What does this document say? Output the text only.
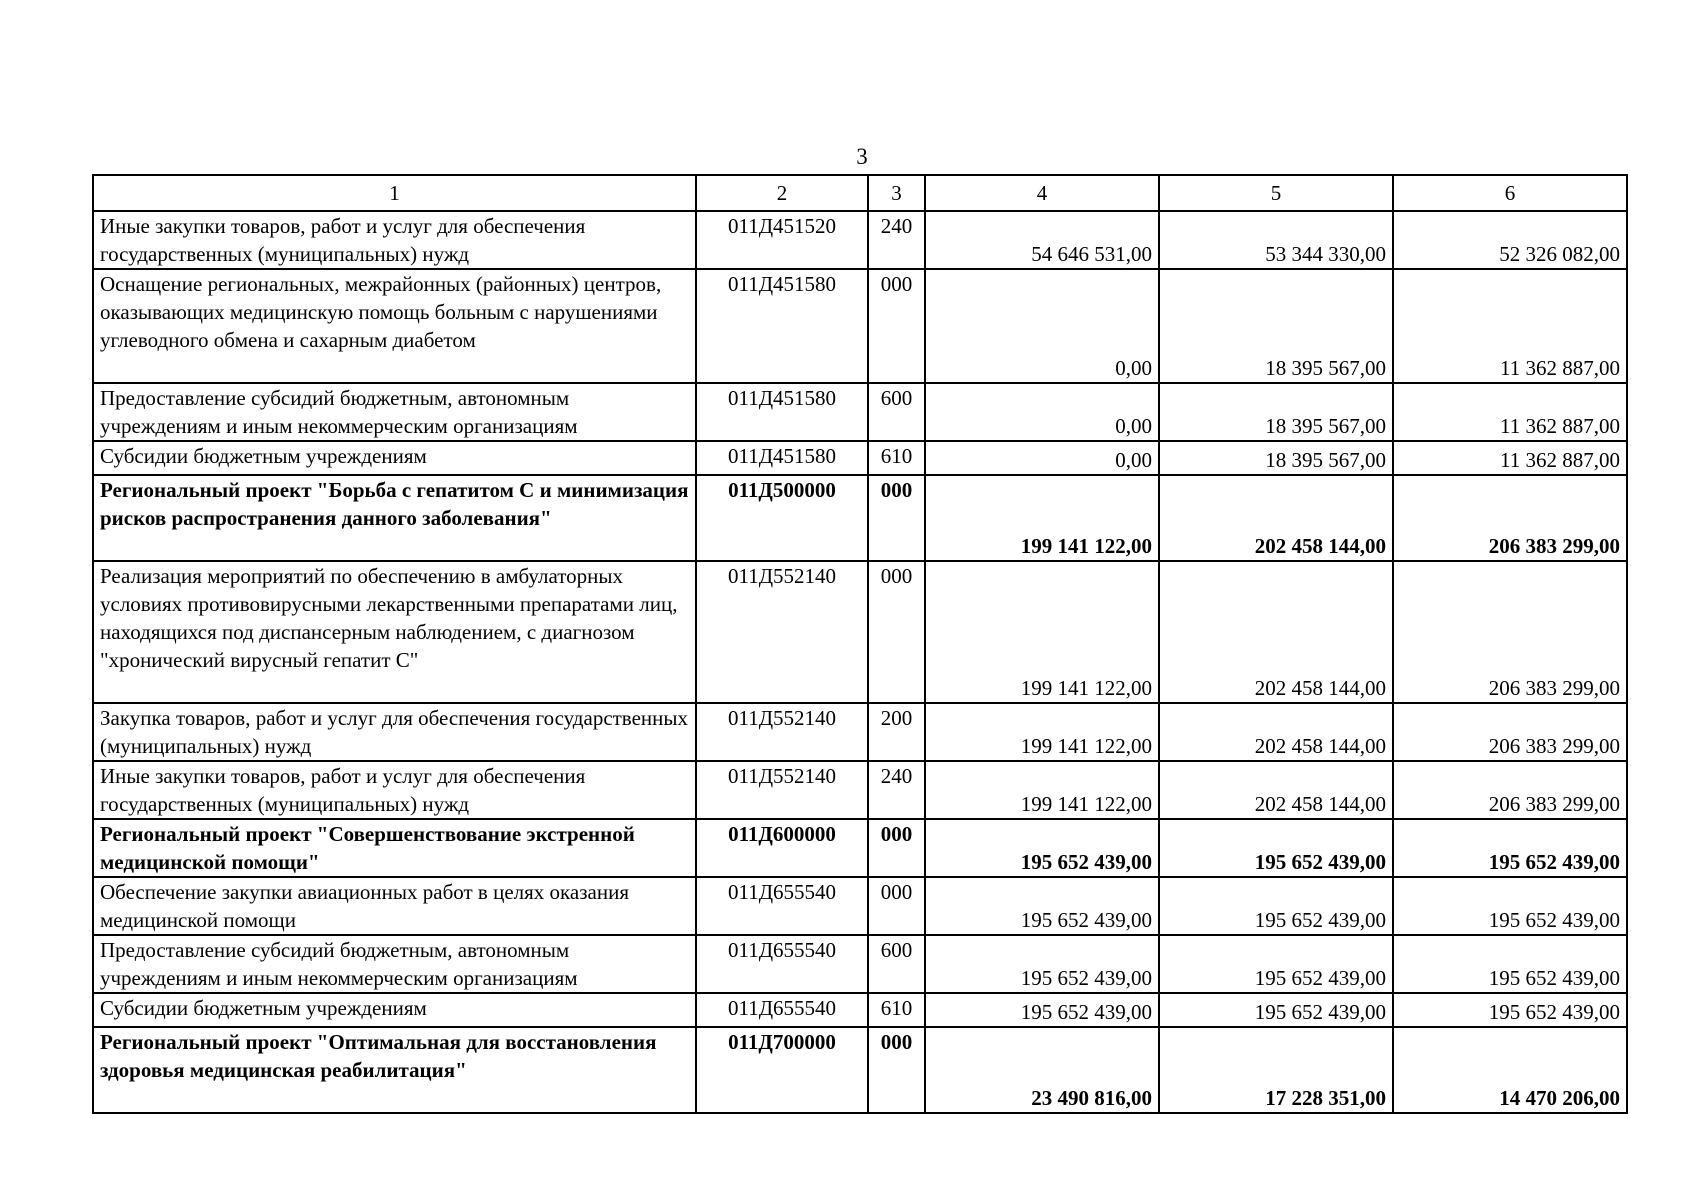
3
1	2	3	4	5	6
Иные закупки товаров, работ и услуг для обеспечения государственных (муниципальных) нужд	011Д451520	240	54 646 531,00	53 344 330,00	52 326 082,00
Оснащение региональных, межрайонных (районных) центров, оказывающих медицинскую помощь больным с нарушениями углеводного обмена и сахарным диабетом	011Д451580	000	0,00	18 395 567,00	11 362 887,00
Предоставление субсидий бюджетным, автономным учреждениям и иным некоммерческим организациям	011Д451580	600	0,00	18 395 567,00	11 362 887,00
Субсидии бюджетным учреждениям	011Д451580	610	0,00	18 395 567,00	11 362 887,00
Региональный проект "Борьба с гепатитом С и минимизация рисков распространения данного заболевания"	011Д500000	000	199 141 122,00	202 458 144,00	206 383 299,00
Реализация мероприятий по обеспечению в амбулаторных условиях противовирусными лекарственными препаратами лиц, находящихся под диспансерным наблюдением, с диагнозом "хронический вирусный гепатит С"	011Д552140	000	199 141 122,00	202 458 144,00	206 383 299,00
Закупка товаров, работ и услуг для обеспечения государственных (муниципальных) нужд	011Д552140	200	199 141 122,00	202 458 144,00	206 383 299,00
Иные закупки товаров, работ и услуг для обеспечения государственных (муниципальных) нужд	011Д552140	240	199 141 122,00	202 458 144,00	206 383 299,00
Региональный проект "Совершенствование экстренной медицинской помощи"	011Д600000	000	195 652 439,00	195 652 439,00	195 652 439,00
Обеспечение закупки авиационных работ в целях оказания медицинской помощи	011Д655540	000	195 652 439,00	195 652 439,00	195 652 439,00
Предоставление субсидий бюджетным, автономным учреждениям и иным некоммерческим организациям	011Д655540	600	195 652 439,00	195 652 439,00	195 652 439,00
Субсидии бюджетным учреждениям	011Д655540	610	195 652 439,00	195 652 439,00	195 652 439,00
Региональный проект "Оптимальная для восстановления здоровья медицинская реабилитация"	011Д700000	000	23 490 816,00	17 228 351,00	14 470 206,00
